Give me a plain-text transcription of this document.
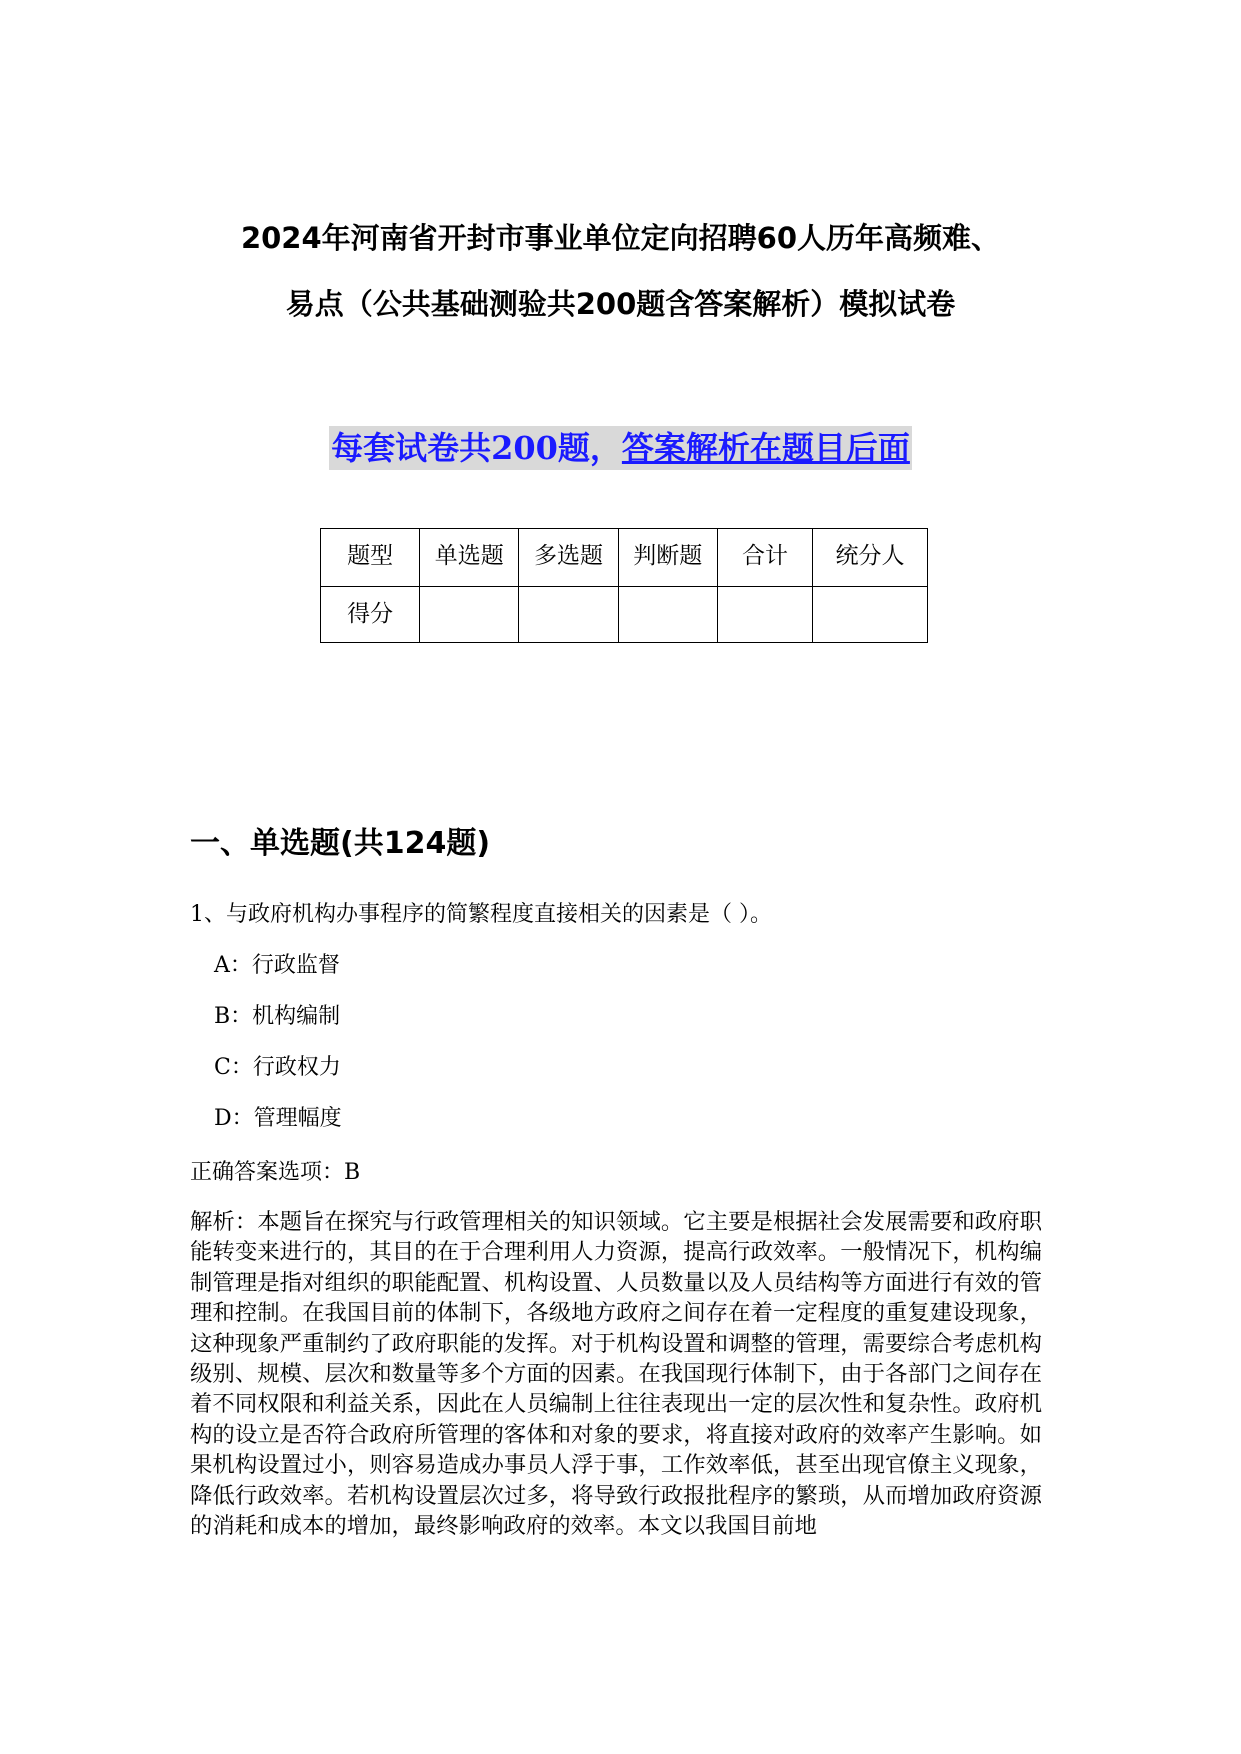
2024年河南省开封市事业单位定向招聘60人历年高频难、
易点（公共基础测验共200题含答案解析）模拟试卷
每套试卷共200题，答案解析在题目后面
题型	单选题	多选题	判断题	合计	统分人
得分					
一、单选题(共124题)
1、与政府机构办事程序的简繁程度直接相关的因素是（ ）。
A：行政监督
B：机构编制
C：行政权力
D：管理幅度
正确答案选项：B
解析：本题旨在探究与行政管理相关的知识领域。它主要是根据社会发展需要和政府职能转变来进行的，其目的在于合理利用人力资源，提高行政效率。一般情况下，机构编制管理是指对组织的职能配置、机构设置、人员数量以及人员结构等方面进行有效的管理和控制。在我国目前的体制下，各级地方政府之间存在着一定程度的重复建设现象，这种现象严重制约了政府职能的发挥。对于机构设置和调整的管理，需要综合考虑机构级别、规模、层次和数量等多个方面的因素。在我国现行体制下，由于各部门之间存在着不同权限和利益关系，因此在人员编制上往往表现出一定的层次性和复杂性。政府机构的设立是否符合政府所管理的客体和对象的要求，将直接对政府的效率产生影响。如果机构设置过小，则容易造成办事员人浮于事，工作效率低，甚至出现官僚主义现象，降低行政效率。若机构设置层次过多，将导致行政报批程序的繁琐，从而增加政府资源的消耗和成本的增加，最终影响政府的效率。本文以我国目前地
